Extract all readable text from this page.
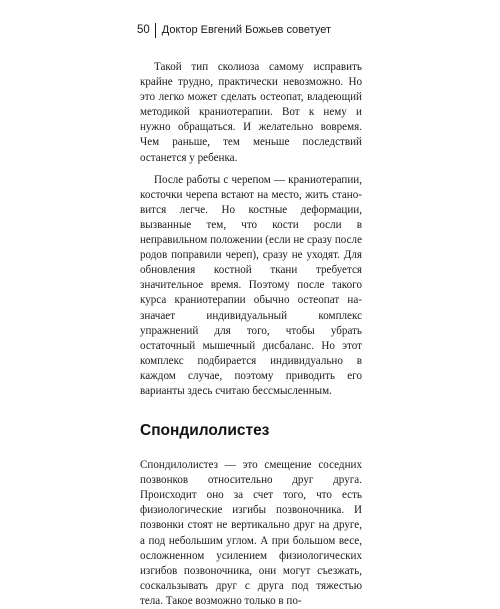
50 Доктор Евгений Божьев советует

Такой тип сколиоза самому исправить крайне трудно, практически невозможно. Но это легко может сделать остеопат, владеющий методикой краниотерапии. Вот к нему и нужно обращаться. И желательно вовремя. Чем раньше, тем меньше последствий останется у ребенка.

После работы с черепом — краниотерапии, косточки черепа встают на место, жить становится легче. Но костные деформации, вызванные тем, что кости росли в неправильном положении (если не сразу после родов поправили череп), сразу не уходят. Для обновления костной ткани требуется значительное время. Поэтому после такого курса краниотерапии обычно остеопат назначает индивидуальный комплекс упражнений для того, чтобы убрать остаточный мышечный дисбаланс. Но этот комплекс подбирается индивидуально в каждом случае, поэтому приводить его варианты здесь считаю бессмысленным.

Спондилолистез

Спондилолистез — это смещение соседних позвонков относительно друг друга. Происходит оно за счет того, что есть физиологические изгибы позвоночника. И позвонки стоят не вертикально друг на друге, а под небольшим углом. А при большом весе, осложненном усилением физиологических изгибов позвоночника, они могут съезжать, соскальзывать друг с друга под тяжестью тела. Такое возможно только в по-
